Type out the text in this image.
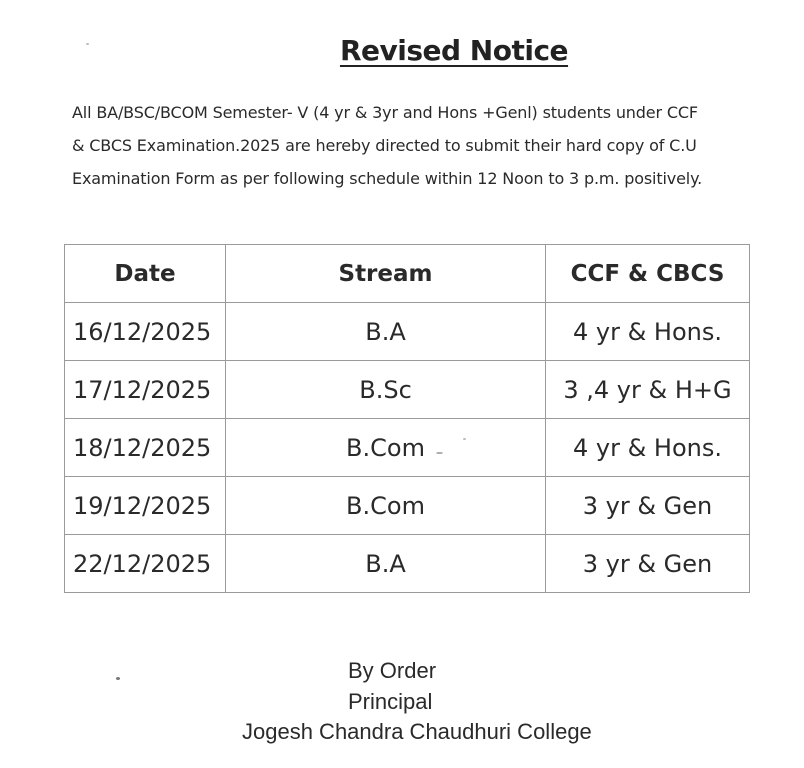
Revised Notice
All BA/BSC/BCOM Semester- V (4 yr & 3yr and Hons +Genl) students under CCF
& CBCS Examination.2025 are hereby directed to submit their hard copy of C.U
Examination Form as per following schedule within 12 Noon to 3 p.m. positively.
Date	Stream	CCF & CBCS
16/12/2025	B.A	4 yr & Hons.
17/12/2025	B.Sc	3 ,4 yr & H+G
18/12/2025	B.Com	4 yr & Hons.
19/12/2025	B.Com	3 yr & Gen
22/12/2025	B.A	3 yr & Gen
By Order
Principal
Jogesh Chandra Chaudhuri College
